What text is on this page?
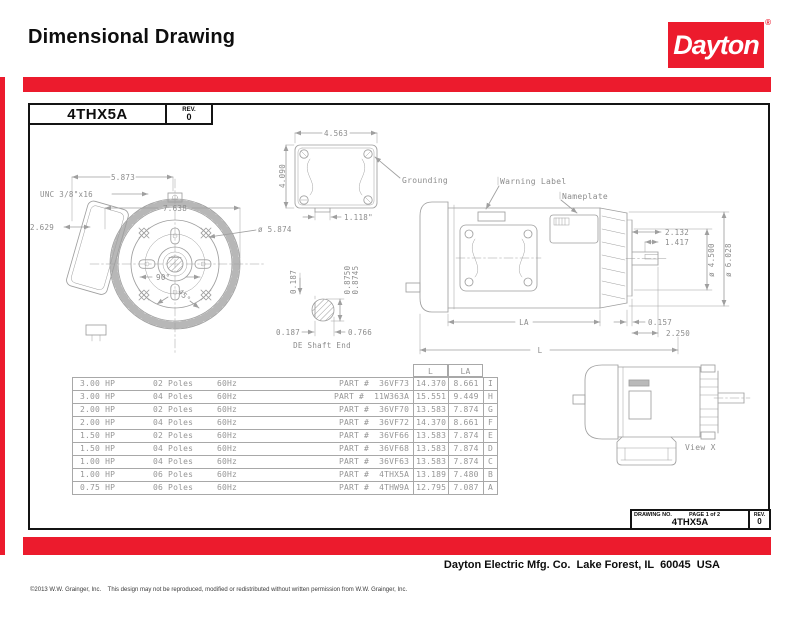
Dimensional Drawing	Dayton
®
4THX5A	REV.
0
7.638
5.873
UNC 3/8"x16
2.629	ø 5.874
90°
45°
4.563
4.090
1.118"
Grounding	Warning Label
Nameplate
2.132
1.417
ø 4.500 ø 6.028
0.157
2.250
LA
L
0.187	0.8750 0.8745
0.187	0.766
DE Shaft End
View X
L	LA
3.00 HP	02 Poles	60Hz	PART # 36VF73 14.370 8.661	I
3.00 HP	04 Poles	60Hz	PART # 11W363A 15.551 9.449	H
2.00 HP	02 Poles	60Hz	PART # 36VF70 13.583 7.874	G
2.00 HP	04 Poles	60Hz	PART # 36VF72 14.370 8.661	F
1.50 HP	02 Poles	60Hz	PART # 36VF66 13.583 7.874	E
1.50 HP	04 Poles	60Hz	PART # 36VF68 13.583 7.874	D
1.00 HP	04 Poles	60Hz	PART # 36VF63 13.583 7.874	C
1.00 HP	06 Poles	60Hz	PART # 4THX5A 13.189 7.480	B
0.75 HP	06 Poles	60Hz	PART # 4THW9A 12.795 7.087	A
DRAWING NO.	PAGE 1 of 2
4THX5A
REV.
0
Dayton Electric Mfg. Co.  Lake Forest, IL  60045  USA
©2013 W.W. Grainger, Inc.    This design may not be reproduced, modified or redistributed without written permission from W.W. Grainger, Inc.
